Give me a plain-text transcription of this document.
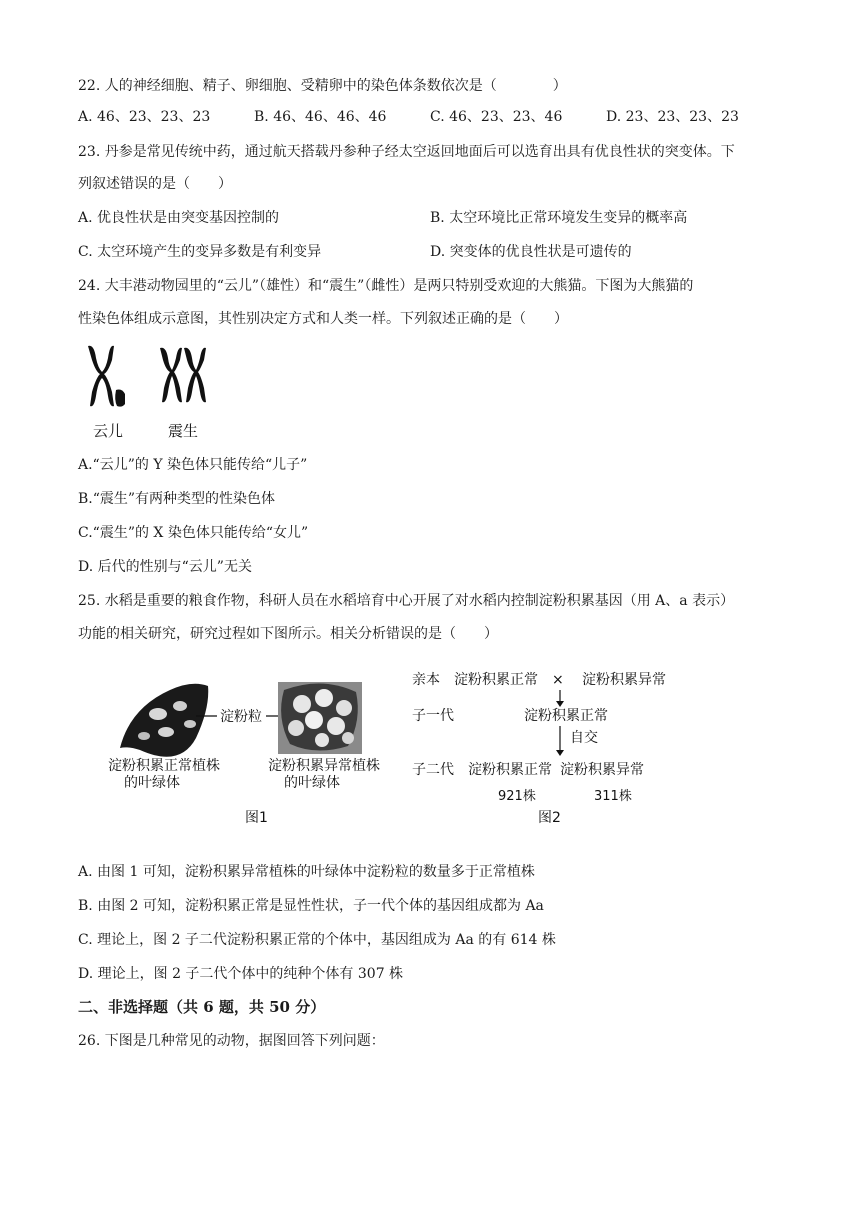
22. 人的神经细胞、精子、卵细胞、受精卵中的染色体条数依次是（　　　　）
A. 46、23、23、23	B. 46、46、46、46	C. 46、23、23、46	D. 23、23、23、23
23. 丹参是常见传统中药，通过航天搭载丹参种子经太空返回地面后可以选育出具有优良性状的突变体。下
列叙述错误的是（　　）
A. 优良性状是由突变基因控制的	B. 太空环境比正常环境发生变异的概率高
C. 太空环境产生的变异多数是有利变异	D. 突变体的优良性状是可遗传的
24. 大丰港动物园里的“云儿”（雄性）和“震生”（雌性）是两只特别受欢迎的大熊猫。下图为大熊猫的
性染色体组成示意图，其性别决定方式和人类一样。下列叙述正确的是（　　）
云儿	震生
A.“云儿”的 Y 染色体只能传给“儿子”
B.“震生”有两种类型的性染色体
C.“震生”的 X 染色体只能传给“女儿”
D. 后代的性别与“云儿”无关
25. 水稻是重要的粮食作物，科研人员在水稻培育中心开展了对水稻内控制淀粉积累基因（用 A、a 表示）
功能的相关研究，研究过程如下图所示。相关分析错误的是（　　）
淀粉粒
淀粉积累正常植株
的叶绿体
淀粉积累异常植株
的叶绿体
图1
亲本 淀粉积累正常 × 淀粉积累异常
子一代	淀粉积累正常
自交
子二代 淀粉积累正常 淀粉积累异常
921株	311株
图2
A. 由图 1 可知，淀粉积累异常植株的叶绿体中淀粉粒的数量多于正常植株
B. 由图 2 可知，淀粉积累正常是显性性状，子一代个体的基因组成都为 Aa
C. 理论上，图 2 子二代淀粉积累正常的个体中，基因组成为 Aa 的有 614 株
D. 理论上，图 2 子二代个体中的纯种个体有 307 株
二、非选择题（共 6 题，共 50 分）
26. 下图是几种常见的动物，据图回答下列问题：
